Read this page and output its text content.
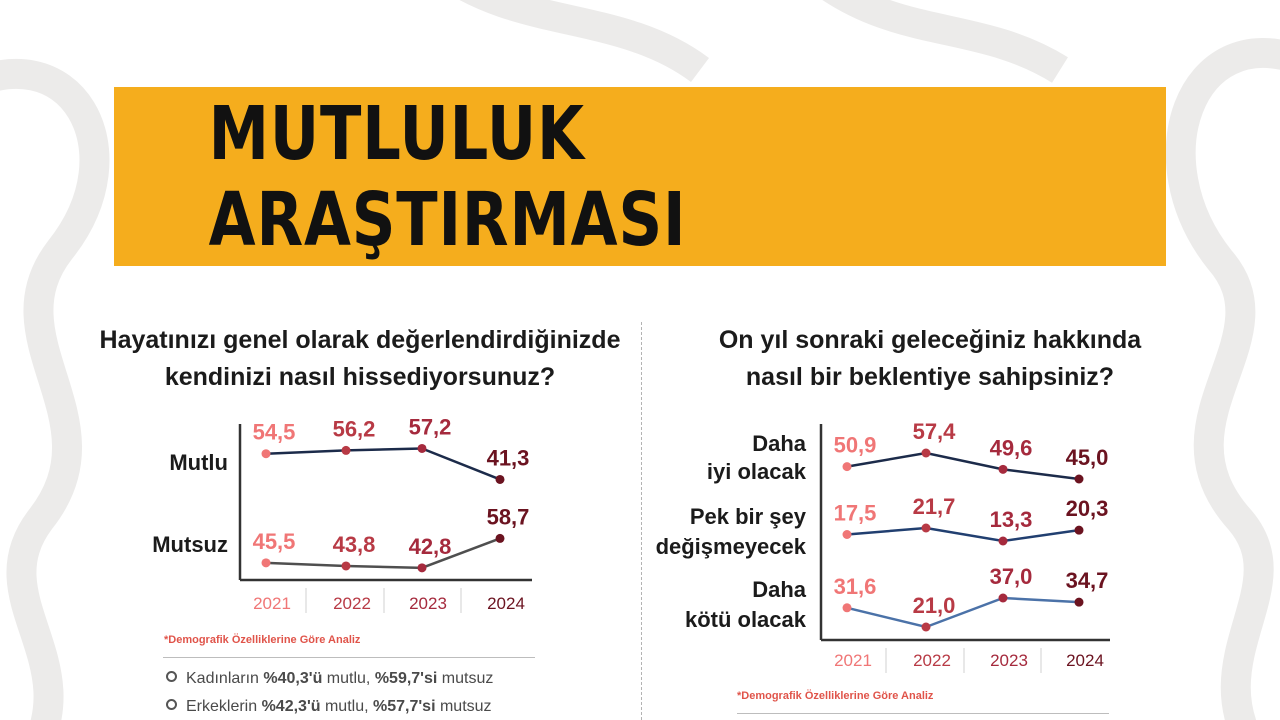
MUTLULUK ARAŞTIRMASI
Hayatınızı genel olarak değerlendirdiğinizde
kendinizi nasıl hissediyorsunuz?
On yıl sonraki geleceğiniz hakkında
nasıl bir beklentiye sahipsiniz?
2021 2022 2023 2024
Mutlu
54,5 56,2 57,2
41,3
Mutsuz 45,5 43,8 42,8
58,7
2021 2022 2023 2024
Daha
iyi olacak
50,9
57,4
49,6 45,0
Pek bir şey
değişmeyecek
17,5 21,7
13,3 20,3
Daha
kötü olacak
31,6
21,0
37,0 34,7
*Demografik Özelliklerine Göre Analiz
Kadınların %40,3'ü mutlu, %59,7'si mutsuz
Erkeklerin %42,3'ü mutlu, %57,7'si mutsuz
*Demografik Özelliklerine Göre Analiz
